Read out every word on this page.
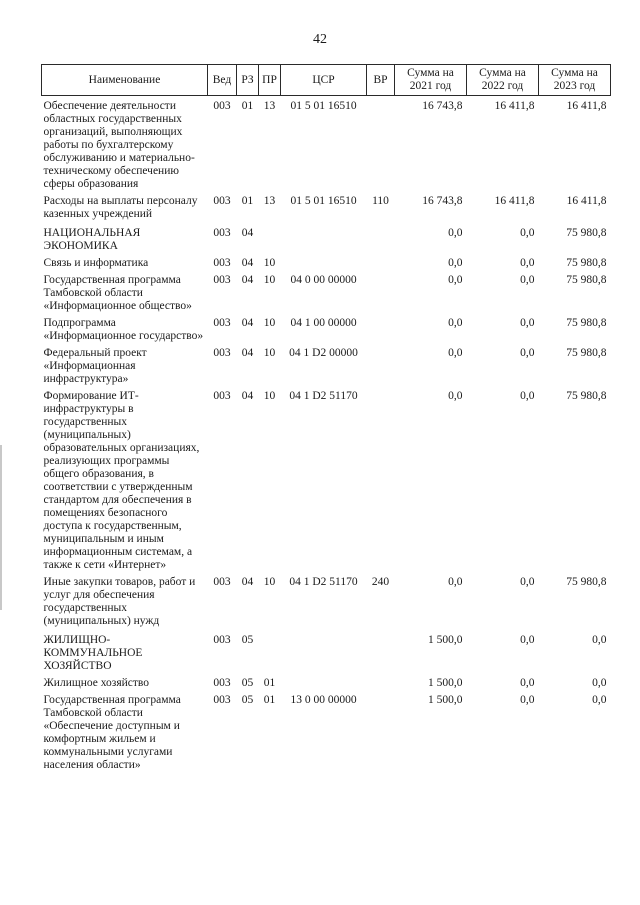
42
Наименование	Вед	РЗ	ПР	ЦСР	ВР	Сумма на 2021 год	Сумма на 2022 год	Сумма на 2023 год
Обеспечение деятельности областных государственных организаций, выполняющих работы по бухгалтерскому обслуживанию и материально-техническому обеспечению сферы образования	003	01	13	01 5 01 16510		16 743,8	16 411,8	16 411,8
Расходы на выплаты персоналу казенных учреждений	003	01	13	01 5 01 16510	110	16 743,8	16 411,8	16 411,8
НАЦИОНАЛЬНАЯ ЭКОНОМИКА	003	04				0,0	0,0	75 980,8
Связь и информатика	003	04	10			0,0	0,0	75 980,8
Государственная программа Тамбовской области «Информационное общество»	003	04	10	04 0 00 00000		0,0	0,0	75 980,8
Подпрограмма «Информационное государство»	003	04	10	04 1 00 00000		0,0	0,0	75 980,8
Федеральный проект «Информационная инфраструктура»	003	04	10	04 1 D2 00000		0,0	0,0	75 980,8
Формирование ИТ-инфраструктуры в государственных (муниципальных) образовательных организациях, реализующих программы общего образования, в соответствии с утвержденным стандартом для обеспечения в помещениях безопасного доступа к государственным, муниципальным и иным информационным системам, а также к сети «Интернет»	003	04	10	04 1 D2 51170		0,0	0,0	75 980,8
Иные закупки товаров, работ и услуг для обеспечения государственных (муниципальных) нужд	003	04	10	04 1 D2 51170	240	0,0	0,0	75 980,8
ЖИЛИЩНО-КОММУНАЛЬНОЕ ХОЗЯЙСТВО	003	05				1 500,0	0,0	0,0
Жилищное хозяйство	003	05	01			1 500,0	0,0	0,0
Государственная программа Тамбовской области «Обеспечение доступным и комфортным жильем и коммунальными услугами населения области»	003	05	01	13 0 00 00000		1 500,0	0,0	0,0
